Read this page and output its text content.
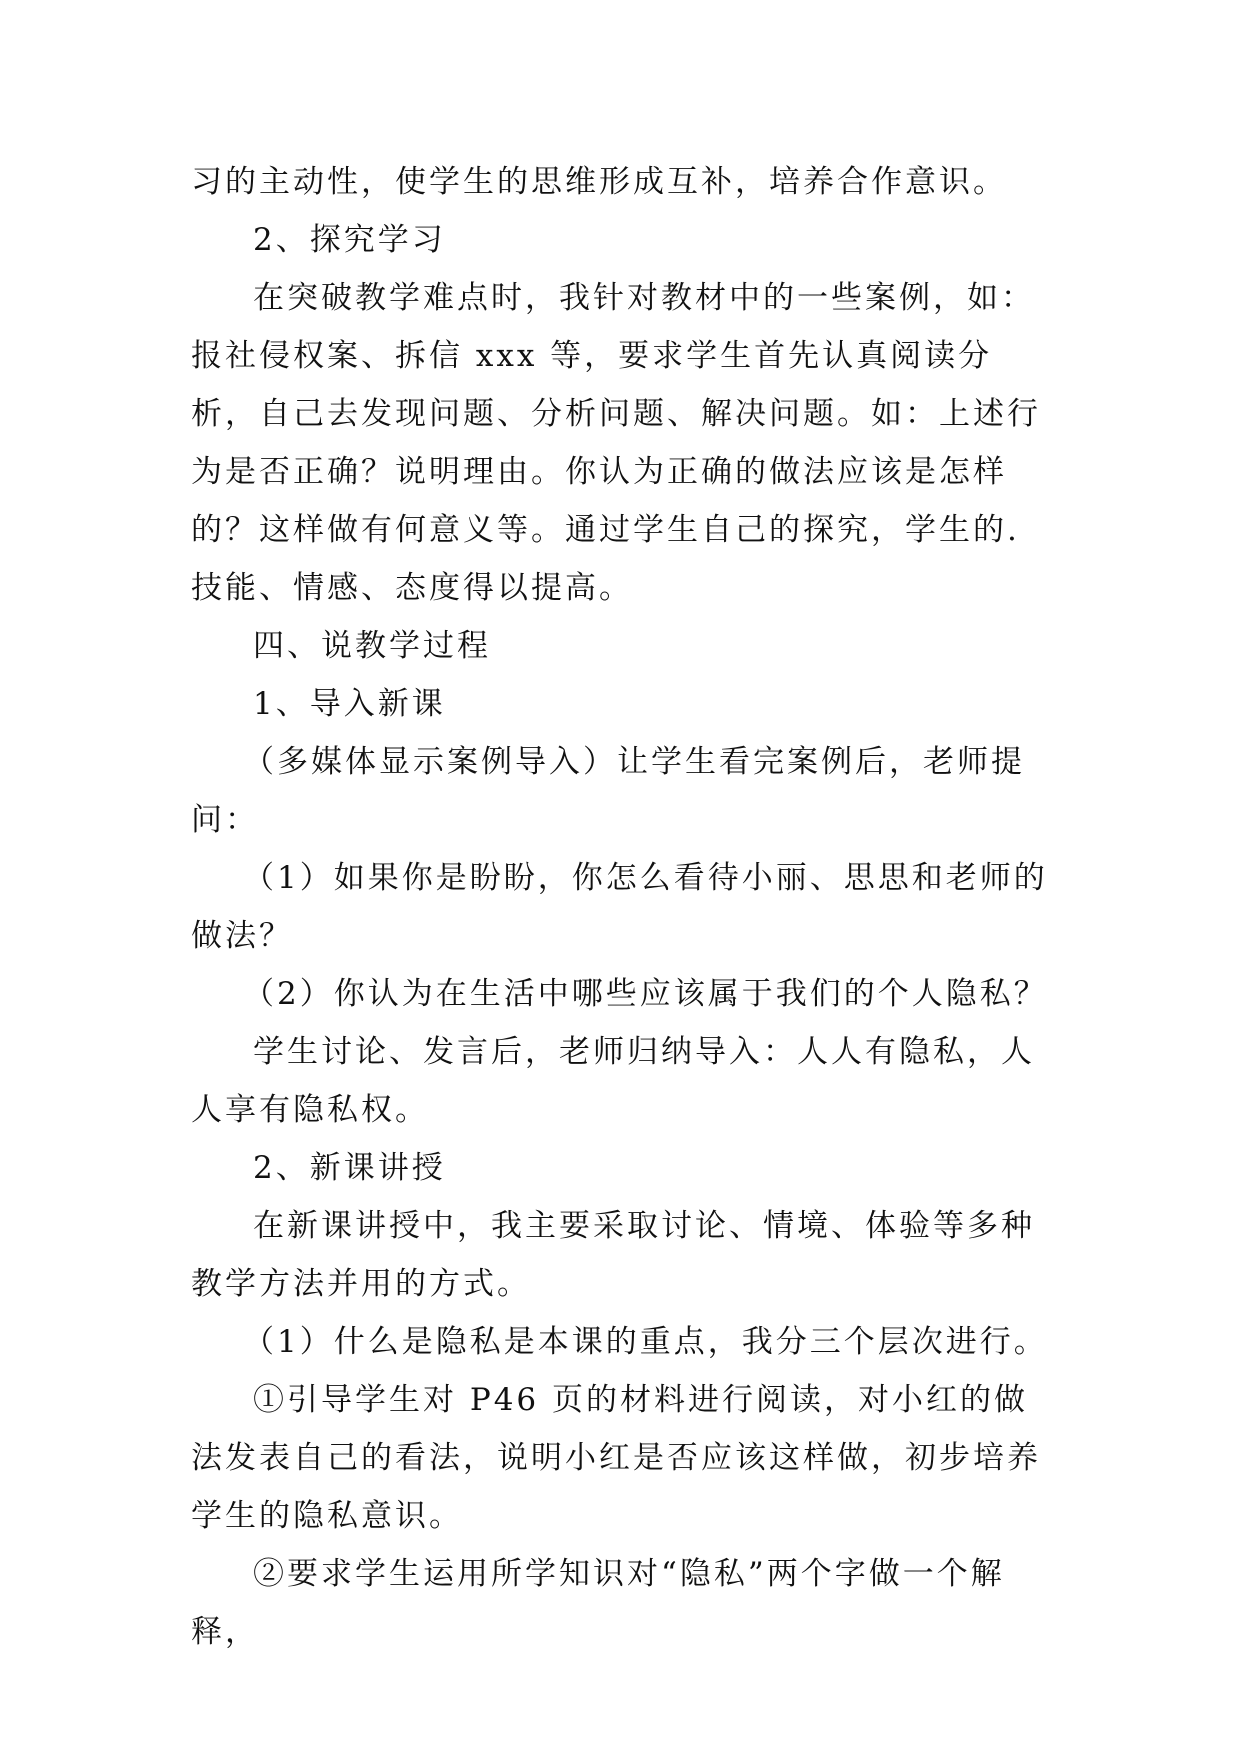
习的主动性，使学生的思维形成互补，培养合作意识。

2、探究学习

在突破教学难点时，我针对教材中的一些案例，如：报社侵权案、拆信 xxx 等，要求学生首先认真阅读分析，自己去发现问题、分析问题、解决问题。如：上述行为是否正确？说明理由。你认为正确的做法应该是怎样的？这样做有何意义等。通过学生自己的探究，学生的.技能、情感、态度得以提高。

四、说教学过程

1、导入新课

（多媒体显示案例导入）让学生看完案例后，老师提问：

（1）如果你是盼盼，你怎么看待小丽、思思和老师的做法？

（2）你认为在生活中哪些应该属于我们的个人隐私？

学生讨论、发言后，老师归纳导入：人人有隐私，人人享有隐私权。

2、新课讲授

在新课讲授中，我主要采取讨论、情境、体验等多种教学方法并用的方式。

（1）什么是隐私是本课的重点，我分三个层次进行。

①引导学生对 P46 页的材料进行阅读，对小红的做法发表自己的看法，说明小红是否应该这样做，初步培养学生的隐私意识。

②要求学生运用所学知识对“隐私”两个字做一个解释，
